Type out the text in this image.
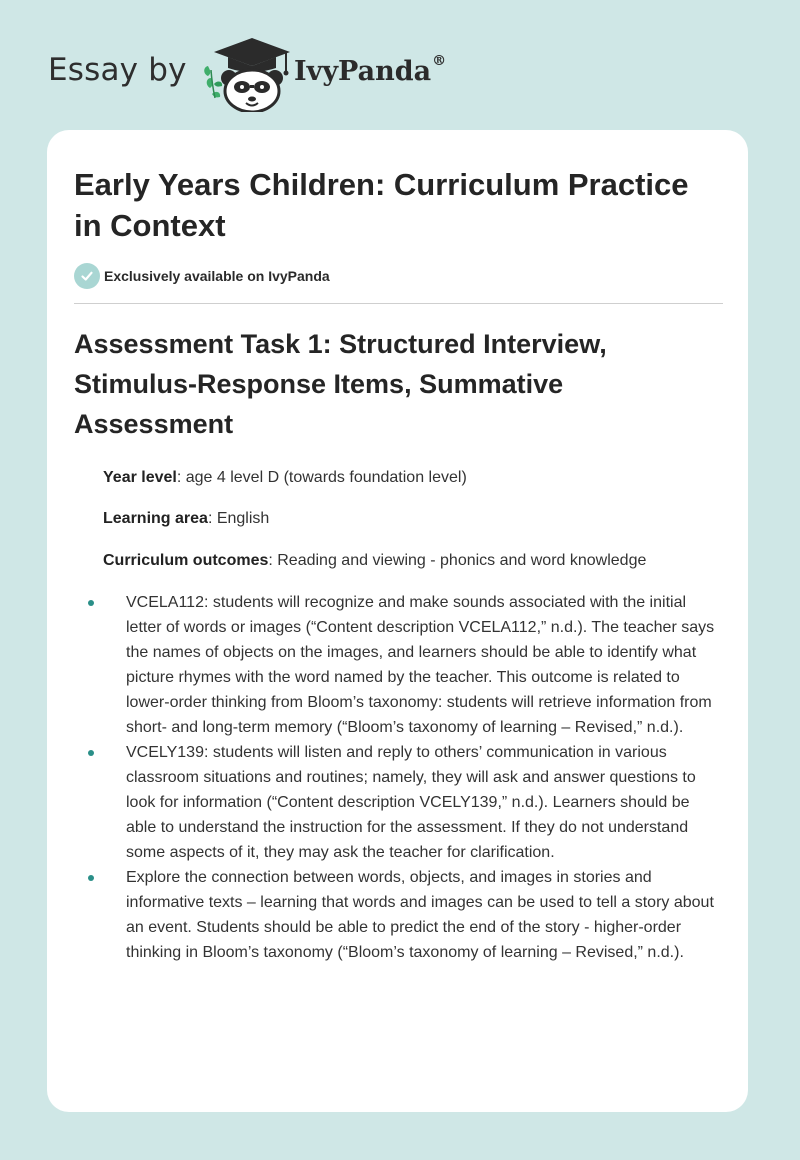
Essay by	IvyPanda®
Early Years Children: Curriculum Practice in Context
Exclusively available on IvyPanda
Assessment Task 1: Structured Interview, Stimulus-Response Items, Summative Assessment
Year level: age 4 level D (towards foundation level)
Learning area: English
Curriculum outcomes: Reading and viewing - phonics and word knowledge
VCELA112: students will recognize and make sounds associated with the initial letter of words or images (“Content description VCELA112,” n.d.). The teacher says the names of objects on the images, and learners should be able to identify what picture rhymes with the word named by the teacher. This outcome is related to lower-order thinking from Bloom’s taxonomy: students will retrieve information from short- and long-term memory (“Bloom’s taxonomy of learning – Revised,” n.d.).
VCELY139: students will listen and reply to others’ communication in various classroom situations and routines; namely, they will ask and answer questions to look for information (“Content description VCELY139,” n.d.). Learners should be able to understand the instruction for the assessment. If they do not understand some aspects of it, they may ask the teacher for clarification.
Explore the connection between words, objects, and images in stories and informative texts – learning that words and images can be used to tell a story about an event. Students should be able to predict the end of the story - higher-order thinking in Bloom’s taxonomy (“Bloom’s taxonomy of learning – Revised,” n.d.).
